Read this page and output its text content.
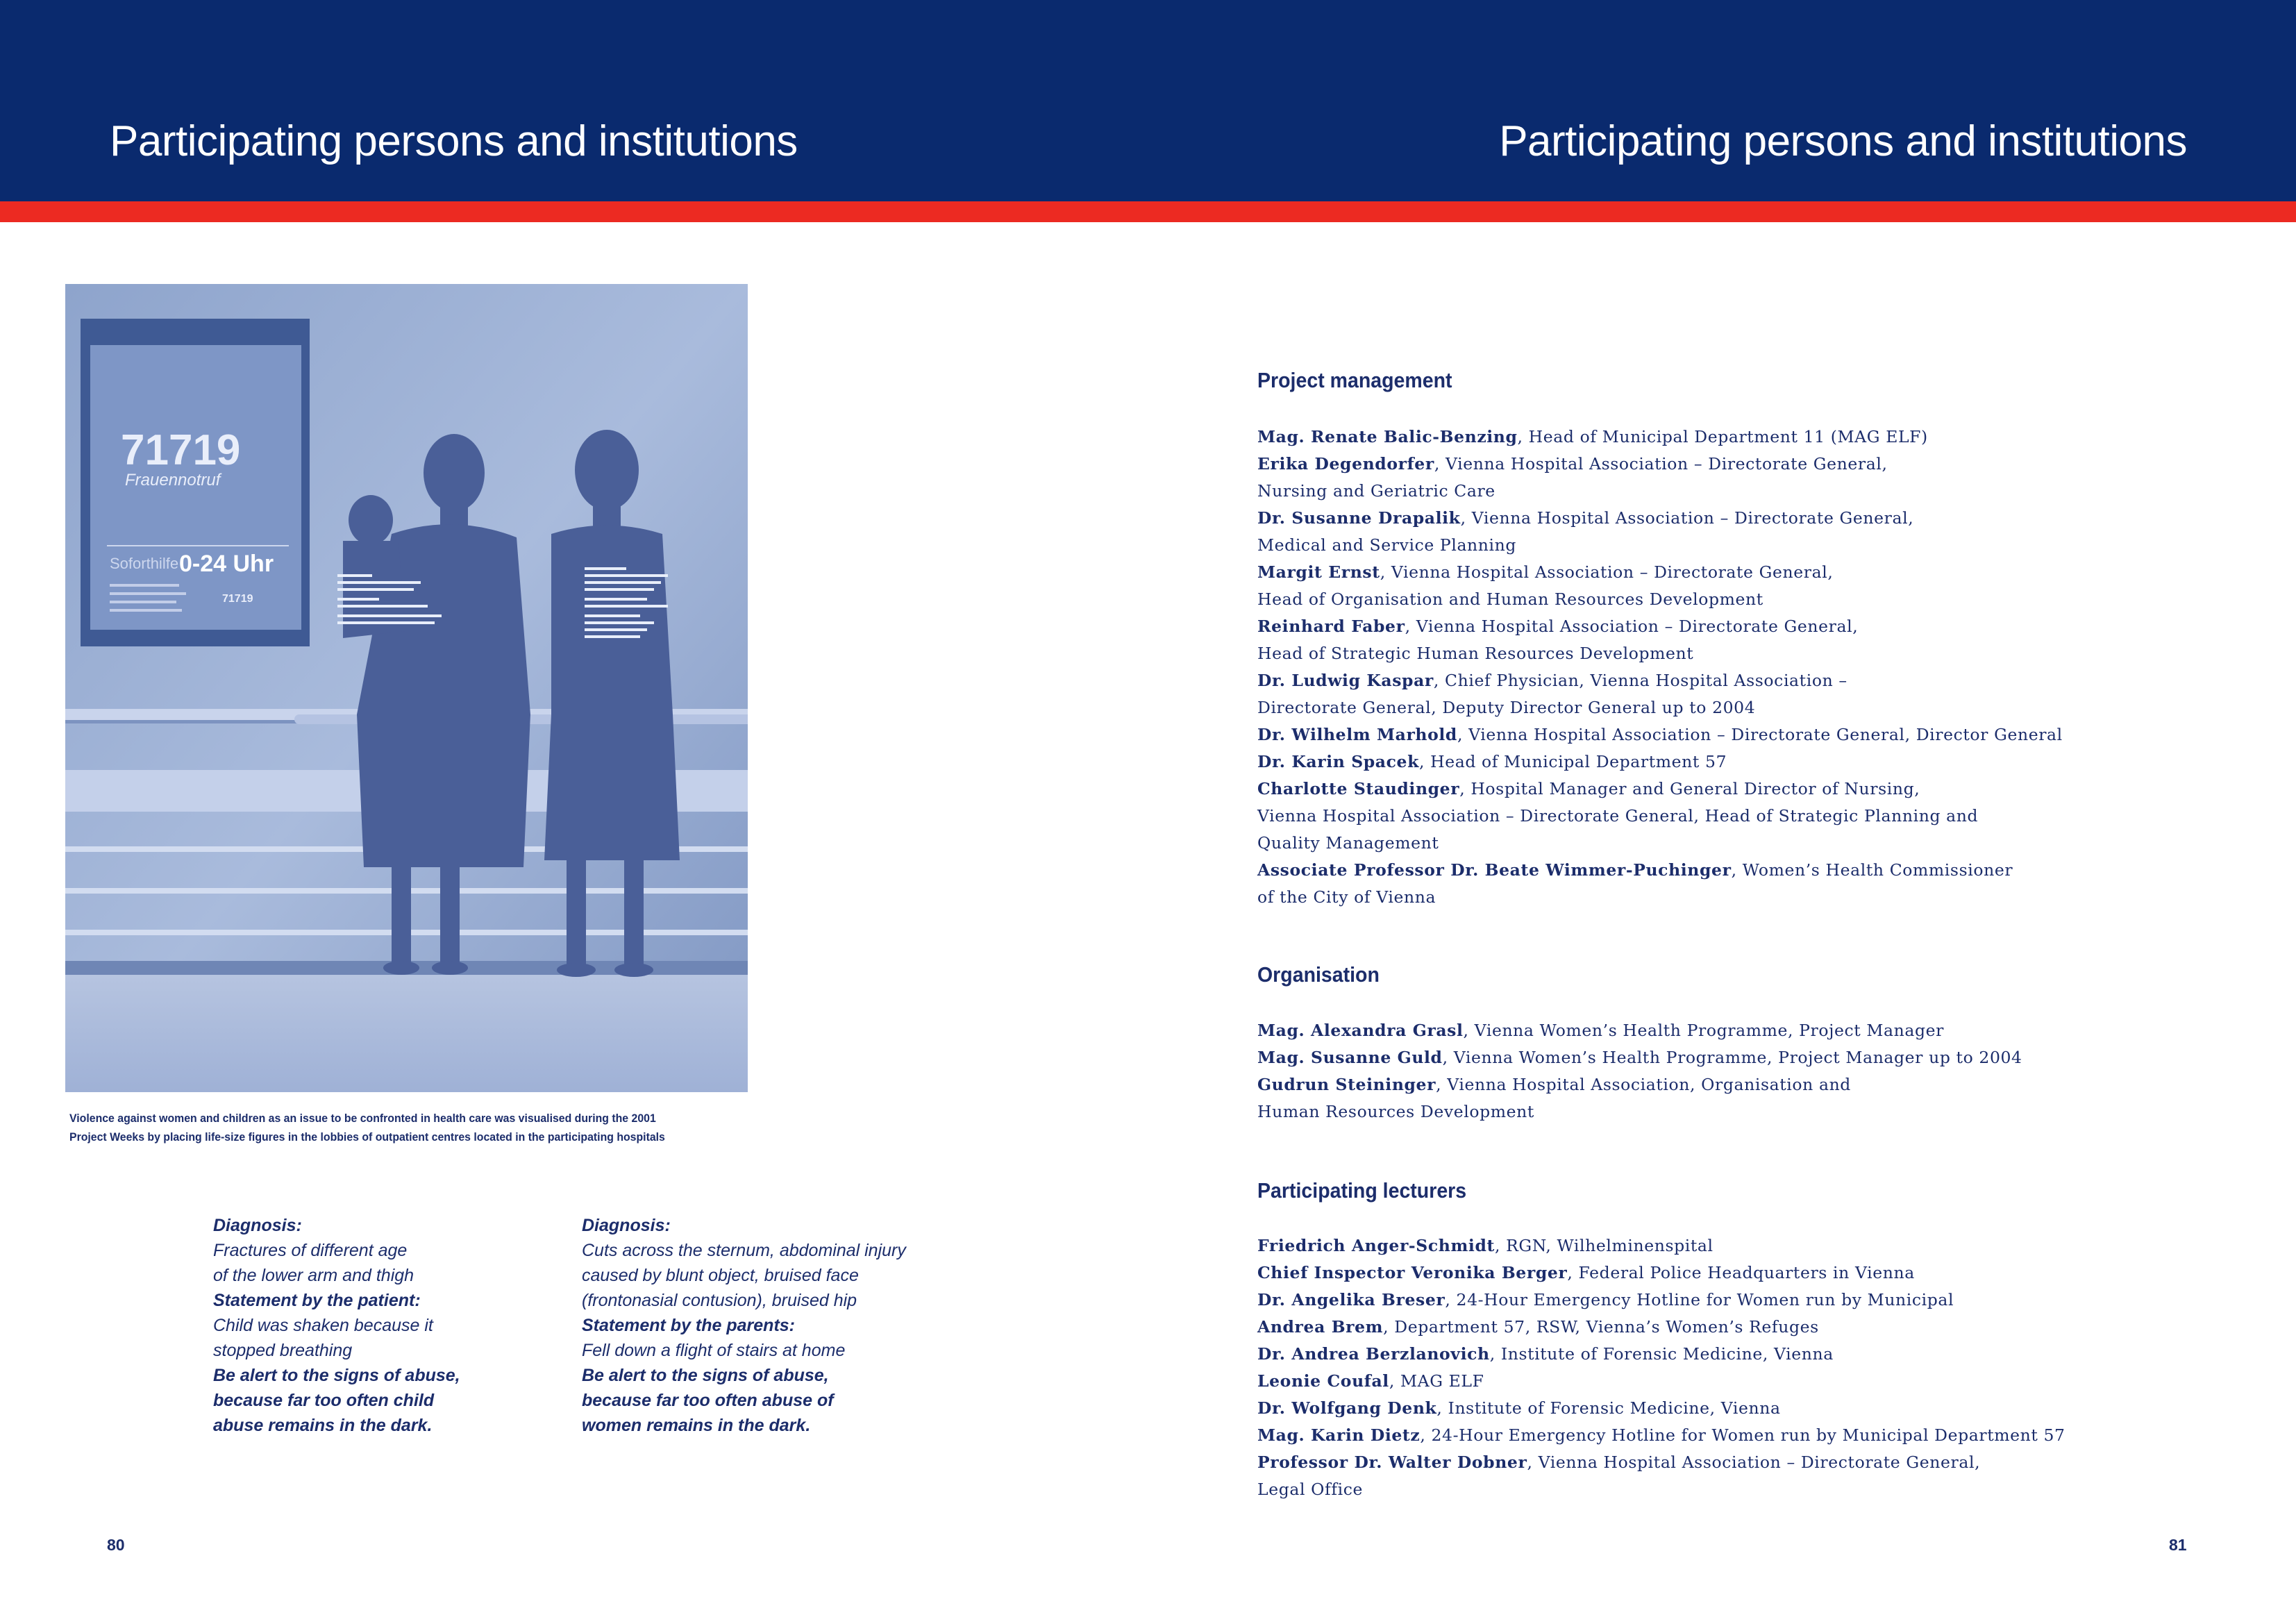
Participating persons and institutions	Participating persons and institutions
71719
Frauennotruf
Soforthilfe 0-24 Uhr
71719
Violence against women and children as an issue to be confronted in health care was visualised during the 2001
Project Weeks by placing life-size figures in the lobbies of outpatient centres located in the participating hospitals
Diagnosis:
Fractures of different age
of the lower arm and thigh
Statement by the patient:
Child was shaken because it
stopped breathing
Be alert to the signs of abuse,
because far too often child
abuse remains in the dark.
Diagnosis:
Cuts across the sternum, abdominal injury
caused by blunt object, bruised face
(frontonasial contusion), bruised hip
Statement by the parents:
Fell down a flight of stairs at home
Be alert to the signs of abuse,
because far too often abuse of
women remains in the dark.
80	81
Project management
Mag. Renate Balic-Benzing, Head of Municipal Department 11 (MAG ELF)
Erika Degendorfer, Vienna Hospital Association – Directorate General,
Nursing and Geriatric Care
Dr. Susanne Drapalik, Vienna Hospital Association – Directorate General,
Medical and Service Planning
Margit Ernst, Vienna Hospital Association – Directorate General,
Head of Organisation and Human Resources Development
Reinhard Faber, Vienna Hospital Association – Directorate General,
Head of Strategic Human Resources Development
Dr. Ludwig Kaspar, Chief Physician, Vienna Hospital Association –
Directorate General, Deputy Director General up to 2004
Dr. Wilhelm Marhold, Vienna Hospital Association – Directorate General, Director General
Dr. Karin Spacek, Head of Municipal Department 57
Charlotte Staudinger, Hospital Manager and General Director of Nursing,
Vienna Hospital Association – Directorate General, Head of Strategic Planning and
Quality Management
Associate Professor Dr. Beate Wimmer-Puchinger, Women’s Health Commissioner
of the City of Vienna
Organisation
Mag. Alexandra Grasl, Vienna Women’s Health Programme, Project Manager
Mag. Susanne Guld, Vienna Women’s Health Programme, Project Manager up to 2004
Gudrun Steininger, Vienna Hospital Association, Organisation and
Human Resources Development
Participating lecturers
Friedrich Anger-Schmidt, RGN, Wilhelminenspital
Chief Inspector Veronika Berger, Federal Police Headquarters in Vienna
Dr. Angelika Breser, 24-Hour Emergency Hotline for Women run by Municipal
Andrea Brem, Department 57, RSW, Vienna’s Women’s Refuges
Dr. Andrea Berzlanovich, Institute of Forensic Medicine, Vienna
Leonie Coufal, MAG ELF
Dr. Wolfgang Denk, Institute of Forensic Medicine, Vienna
Mag. Karin Dietz, 24-Hour Emergency Hotline for Women run by Municipal Department 57
Professor Dr. Walter Dobner, Vienna Hospital Association – Directorate General,
Legal Office
